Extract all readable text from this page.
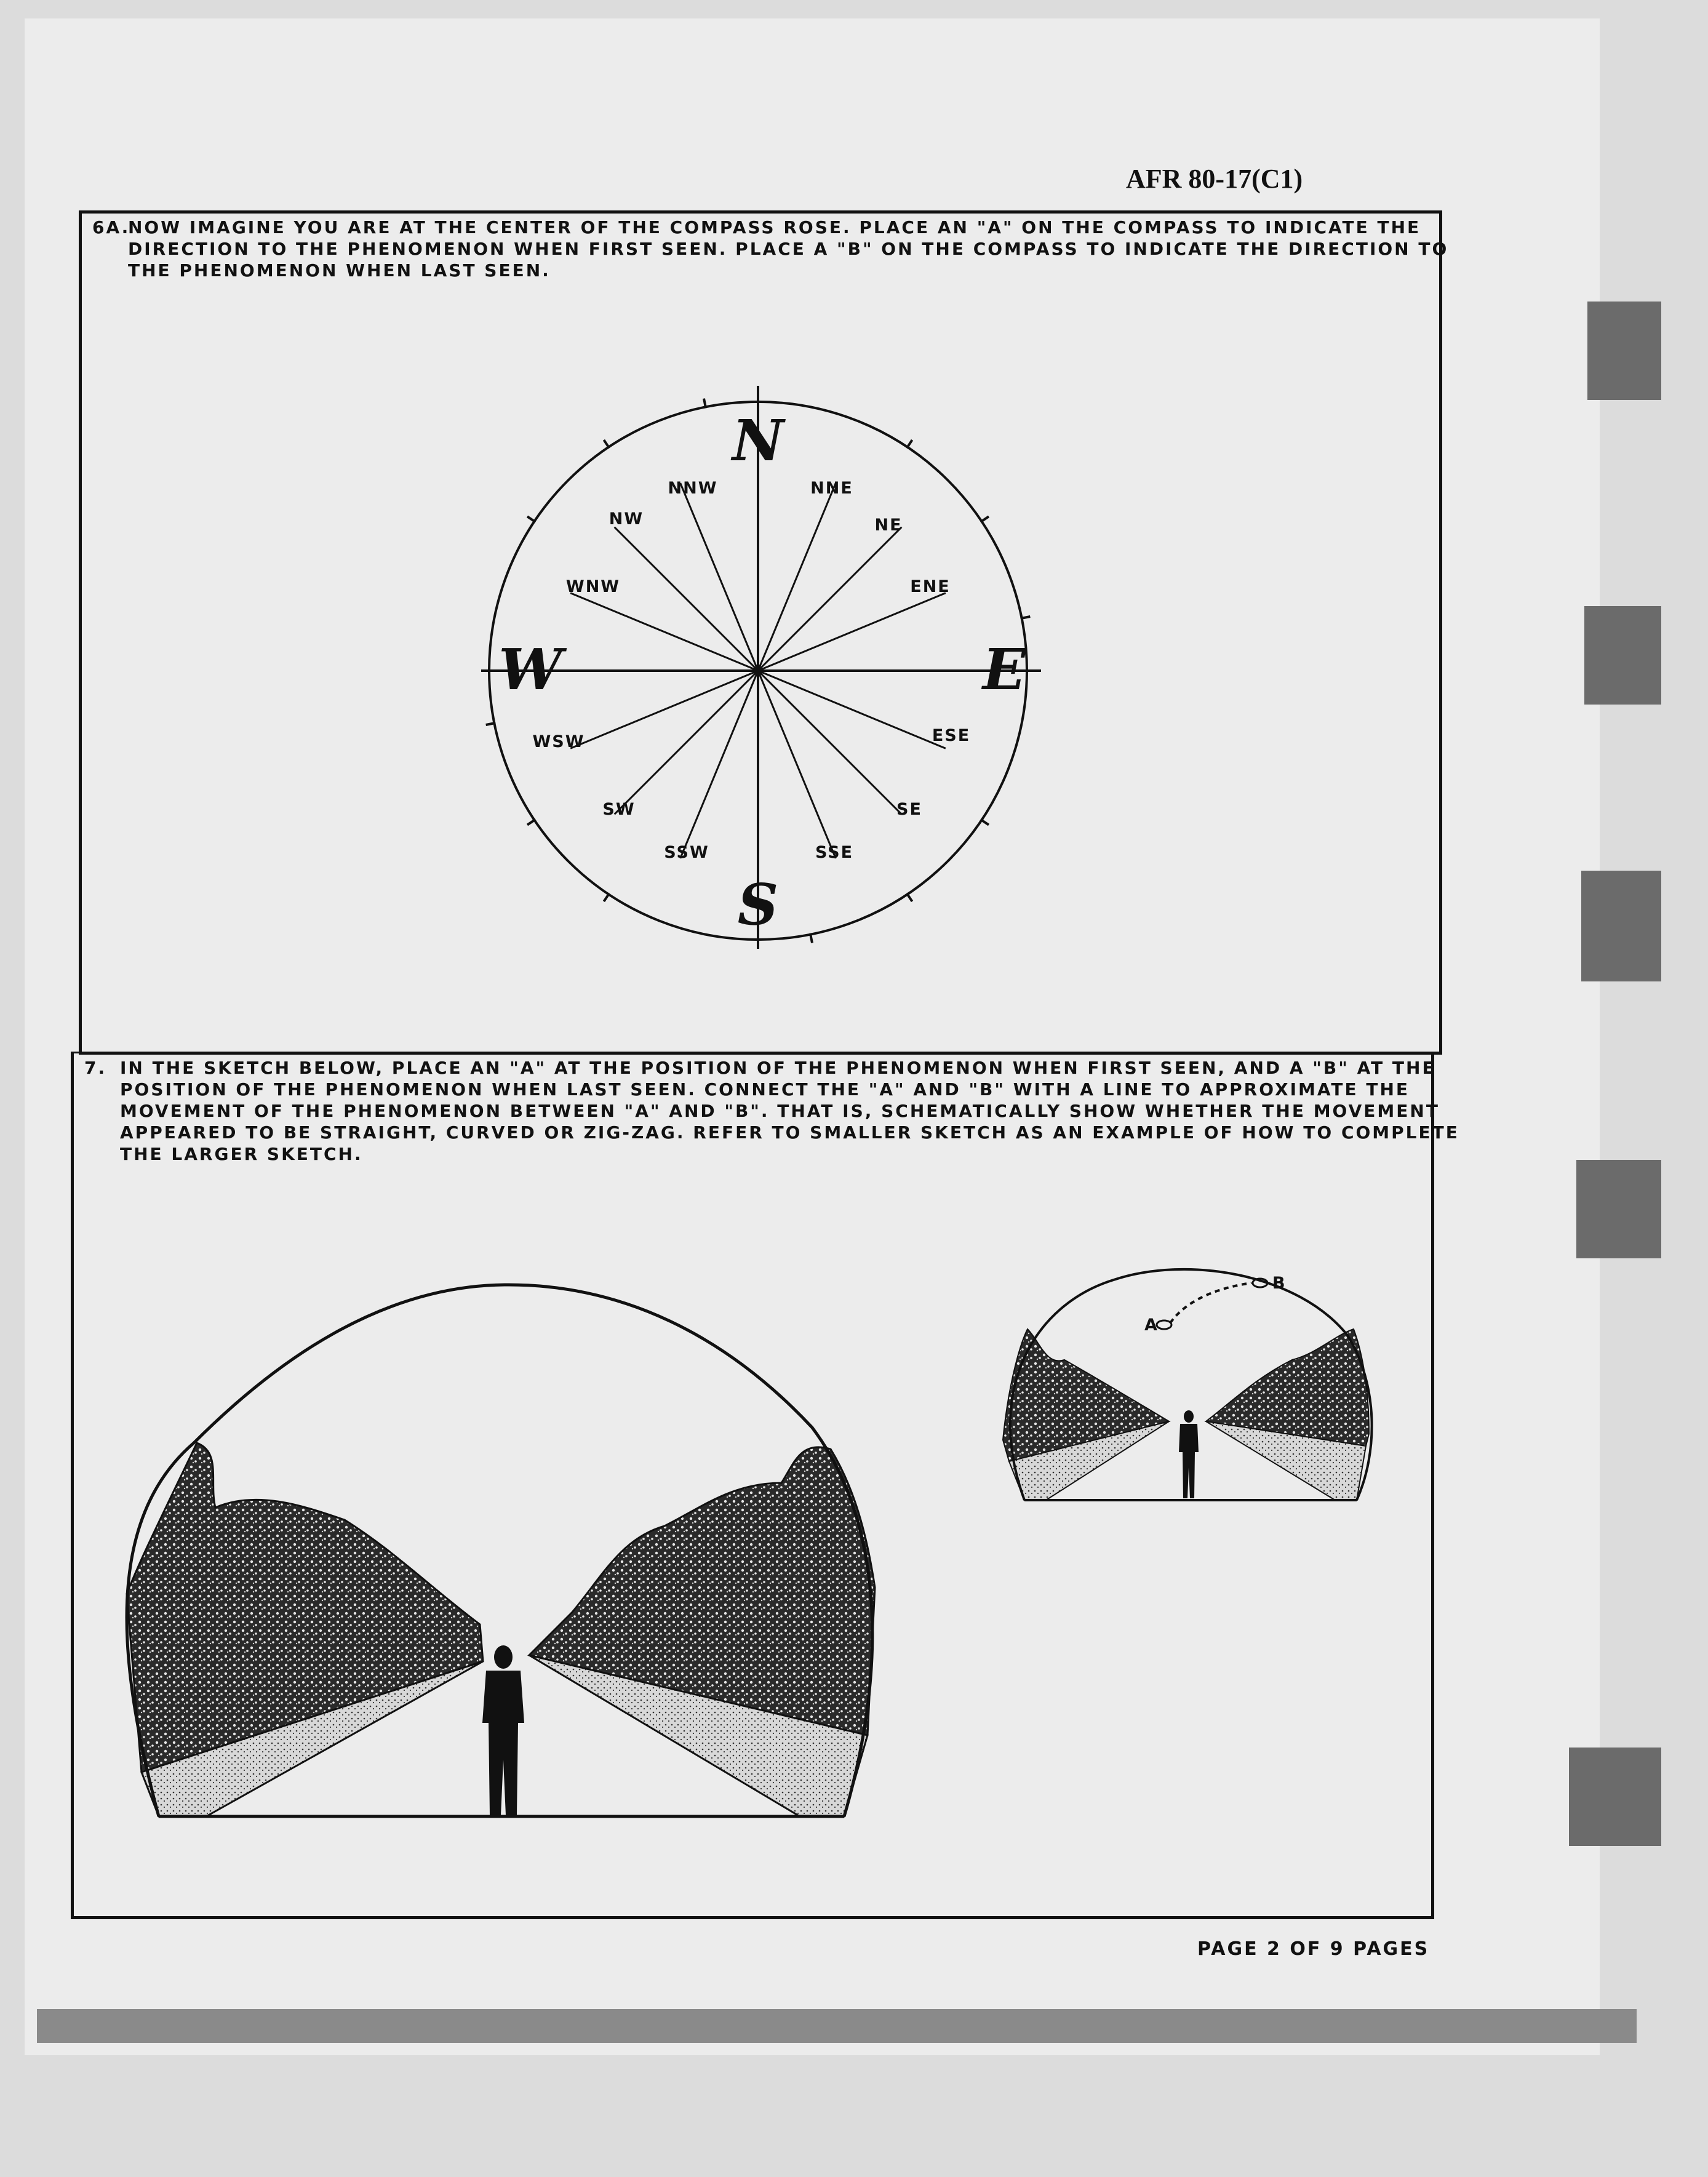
AFR 80-17(C1)
6A.NOW IMAGINE YOU ARE AT THE CENTER OF THE COMPASS ROSE. PLACE AN "A" ON THE COMPASS TO INDICATE THE
DIRECTION TO THE PHENOMENON WHEN FIRST SEEN. PLACE A "B" ON THE COMPASS TO INDICATE THE DIRECTION TO
THE PHENOMENON WHEN LAST SEEN.
N
E
S
W
NNE
NE
ENE
ESE
SE
SSE
SSW
SW
WSW
WNW
NW
NNW
7. IN THE SKETCH BELOW, PLACE AN "A" AT THE POSITION OF THE PHENOMENON WHEN FIRST SEEN, AND A "B" AT THE
POSITION OF THE PHENOMENON WHEN LAST SEEN. CONNECT THE "A" AND "B" WITH A LINE TO APPROXIMATE THE
MOVEMENT OF THE PHENOMENON BETWEEN "A" AND "B". THAT IS, SCHEMATICALLY SHOW WHETHER THE MOVEMENT
APPEARED TO BE STRAIGHT, CURVED OR ZIG-ZAG. REFER TO SMALLER SKETCH AS AN EXAMPLE OF HOW TO COMPLETE
THE LARGER SKETCH.
A
B
PAGE 2 OF 9 PAGES
